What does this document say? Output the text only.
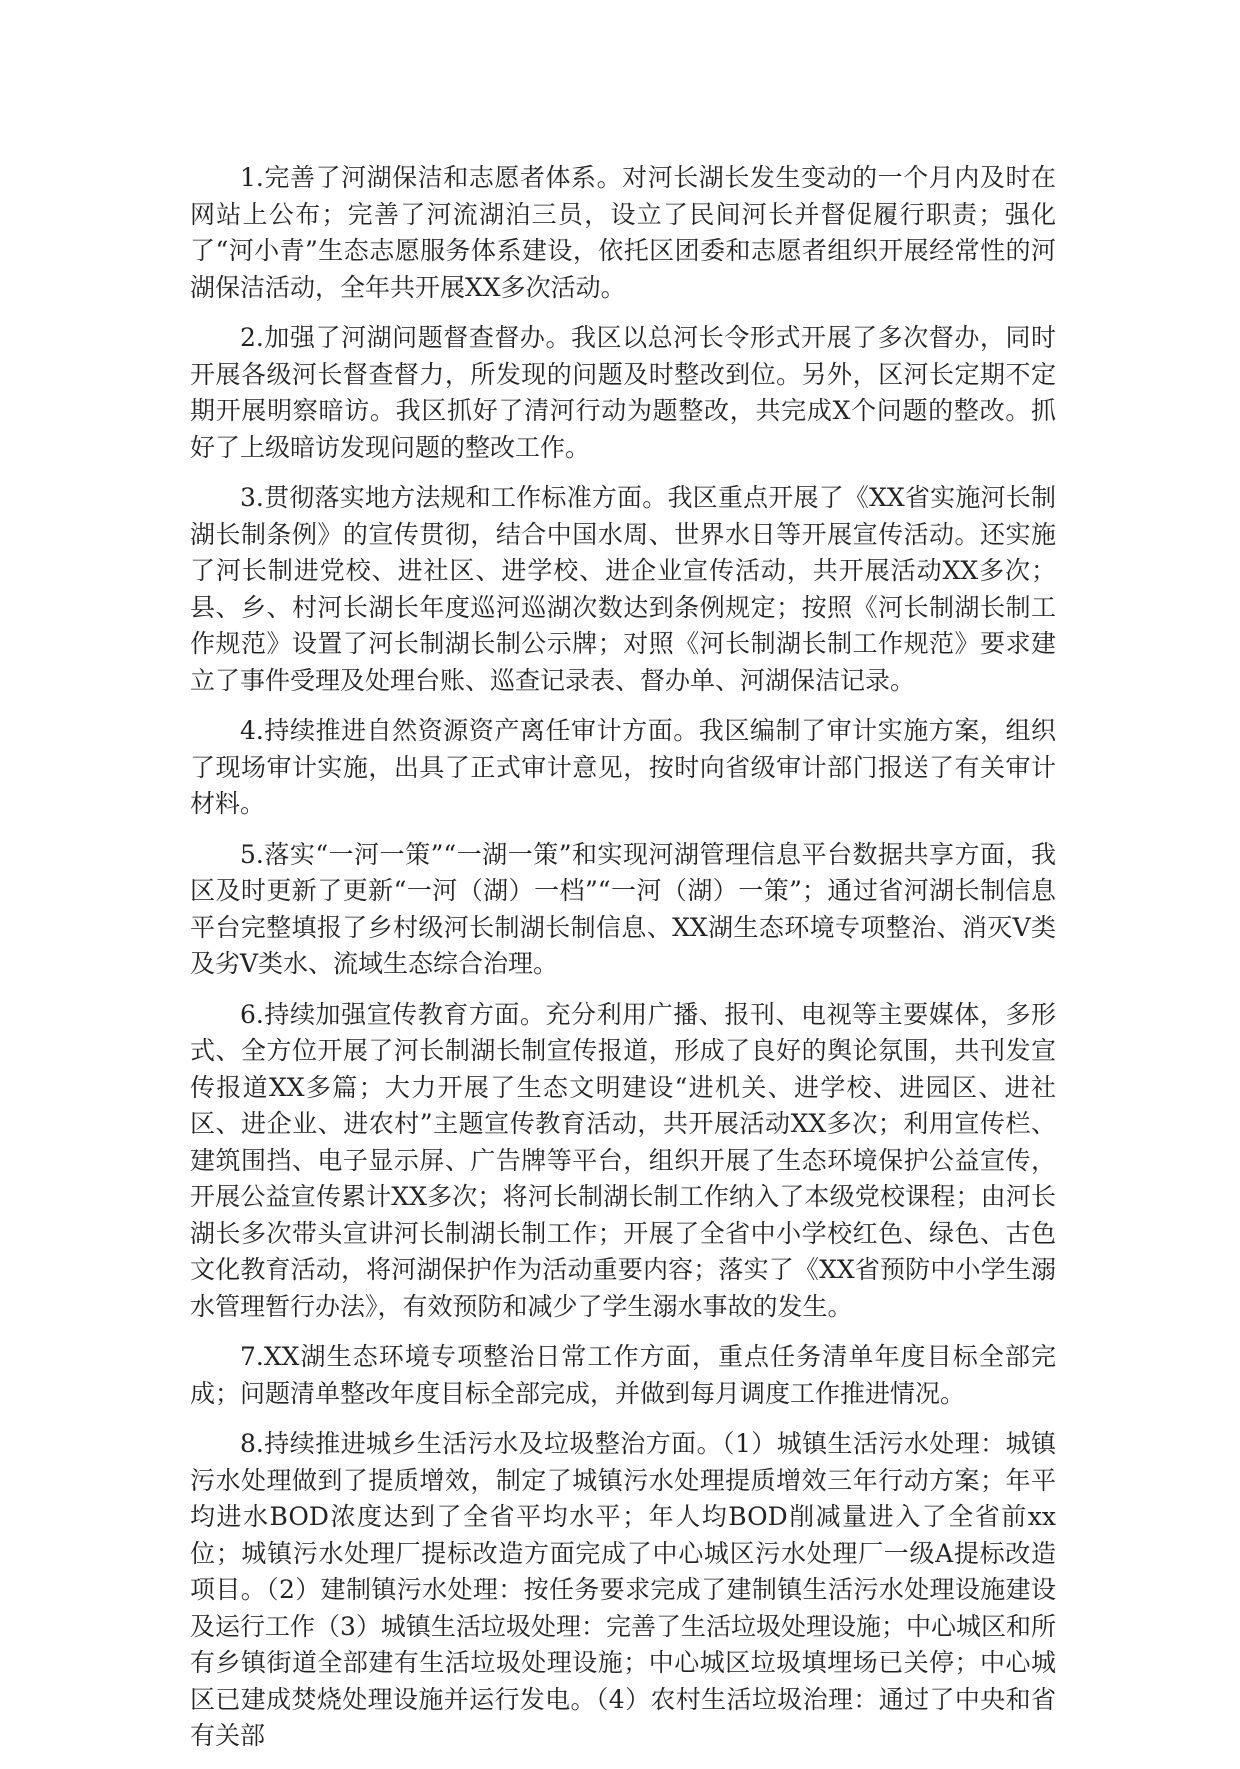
1.完善了河湖保洁和志愿者体系。对河长湖长发生变动的一个月内及时在网站上公布；完善了河流湖泊三员，设立了民间河长并督促履行职责；强化了“河小青”生态志愿服务体系建设，依托区团委和志愿者组织开展经常性的河湖保洁活动，全年共开展XX多次活动。

2.加强了河湖问题督查督办。我区以总河长令形式开展了多次督办，同时开展各级河长督查督力，所发现的问题及时整改到位。另外，区河长定期不定期开展明察暗访。我区抓好了清河行动为题整改，共完成X个问题的整改。抓好了上级暗访发现问题的整改工作。

3.贯彻落实地方法规和工作标准方面。我区重点开展了《XX省实施河长制湖长制条例》的宣传贯彻，结合中国水周、世界水日等开展宣传活动。还实施了河长制进党校、进社区、进学校、进企业宣传活动，共开展活动XX多次；县、乡、村河长湖长年度巡河巡湖次数达到条例规定；按照《河长制湖长制工作规范》设置了河长制湖长制公示牌；对照《河长制湖长制工作规范》要求建立了事件受理及处理台账、巡查记录表、督办单、河湖保洁记录。

4.持续推进自然资源资产离任审计方面。我区编制了审计实施方案，组织了现场审计实施，出具了正式审计意见，按时向省级审计部门报送了有关审计材料。

5.落实“一河一策”“一湖一策”和实现河湖管理信息平台数据共享方面，我区及时更新了更新“一河（湖）一档”“一河（湖）一策”；通过省河湖长制信息平台完整填报了乡村级河长制湖长制信息、XX湖生态环境专项整治、消灭V类及劣V类水、流域生态综合治理。

6.持续加强宣传教育方面。充分利用广播、报刊、电视等主要媒体，多形式、全方位开展了河长制湖长制宣传报道，形成了良好的舆论氛围，共刊发宣传报道XX多篇；大力开展了生态文明建设“进机关、进学校、进园区、进社区、进企业、进农村”主题宣传教育活动，共开展活动XX多次；利用宣传栏、建筑围挡、电子显示屏、广告牌等平台，组织开展了生态环境保护公益宣传，开展公益宣传累计XX多次；将河长制湖长制工作纳入了本级党校课程；由河长湖长多次带头宣讲河长制湖长制工作；开展了全省中小学校红色、绿色、古色文化教育活动，将河湖保护作为活动重要内容；落实了《XX省预防中小学生溺水管理暂行办法》，有效预防和减少了学生溺水事故的发生。

7.XX湖生态环境专项整治日常工作方面，重点任务清单年度目标全部完成；问题清单整改年度目标全部完成，并做到每月调度工作推进情况。

8.持续推进城乡生活污水及垃圾整治方面。（1）城镇生活污水处理：城镇污水处理做到了提质增效，制定了城镇污水处理提质增效三年行动方案；年平均进水BOD浓度达到了全省平均水平；年人均BOD削减量进入了全省前xx位；城镇污水处理厂提标改造方面完成了中心城区污水处理厂一级A提标改造项目。（2）建制镇污水处理：按任务要求完成了建制镇生活污水处理设施建设及运行工作（3）城镇生活垃圾处理：完善了生活垃圾处理设施；中心城区和所有乡镇街道全部建有生活垃圾处理设施；中心城区垃圾填埋场已关停；中心城区已建成焚烧处理设施并运行发电。（4）农村生活垃圾治理：通过了中央和省有关部
